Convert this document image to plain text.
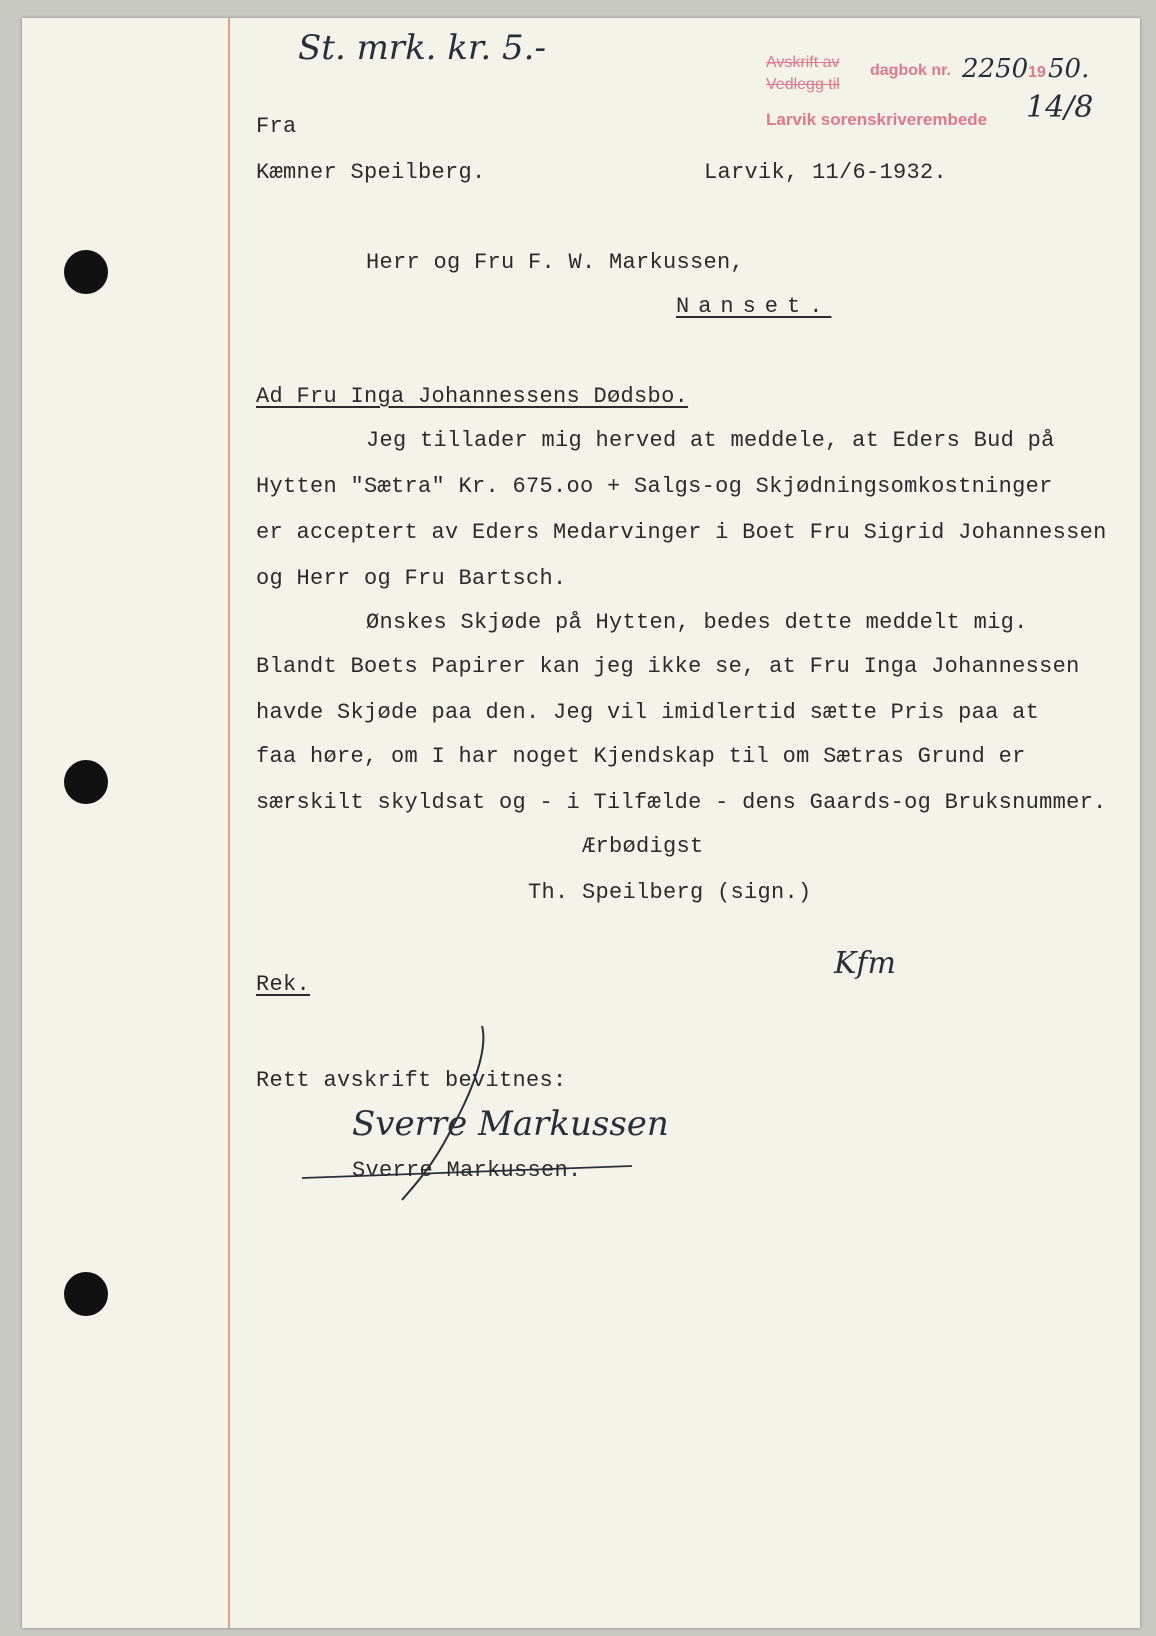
St. mrk. kr. 5.-	Avskrift av
Vedlegg til
dagbok nr. 2250 19 50.
Larvik sorenskriverembede 14/8
Fra
Kæmner Speilberg.	Larvik, 11/6-1932.
Herr og Fru F. W. Markussen,
Nanset.
Ad Fru Inga Johannessens Dødsbo.
Jeg tillader mig herved at meddele, at Eders Bud på
Hytten "Sætra" Kr. 675.oo + Salgs-og Skjødningsomkostninger
er acceptert av Eders Medarvinger i Boet Fru Sigrid Johannessen
og Herr og Fru Bartsch.
Ønskes Skjøde på Hytten, bedes dette meddelt mig.
Blandt Boets Papirer kan jeg ikke se, at Fru Inga Johannessen
havde Skjøde paa den. Jeg vil imidlertid sætte Pris paa at
faa høre, om I har noget Kjendskap til om Sætras Grund er
særskilt skyldsat og - i Tilfælde - dens Gaards-og Bruksnummer.
Ærbødigst
Th. Speilberg (sign.)
Kfm
Rek.
Rett avskrift bevitnes:
Sverre Markussen
Sverre Markussen.
